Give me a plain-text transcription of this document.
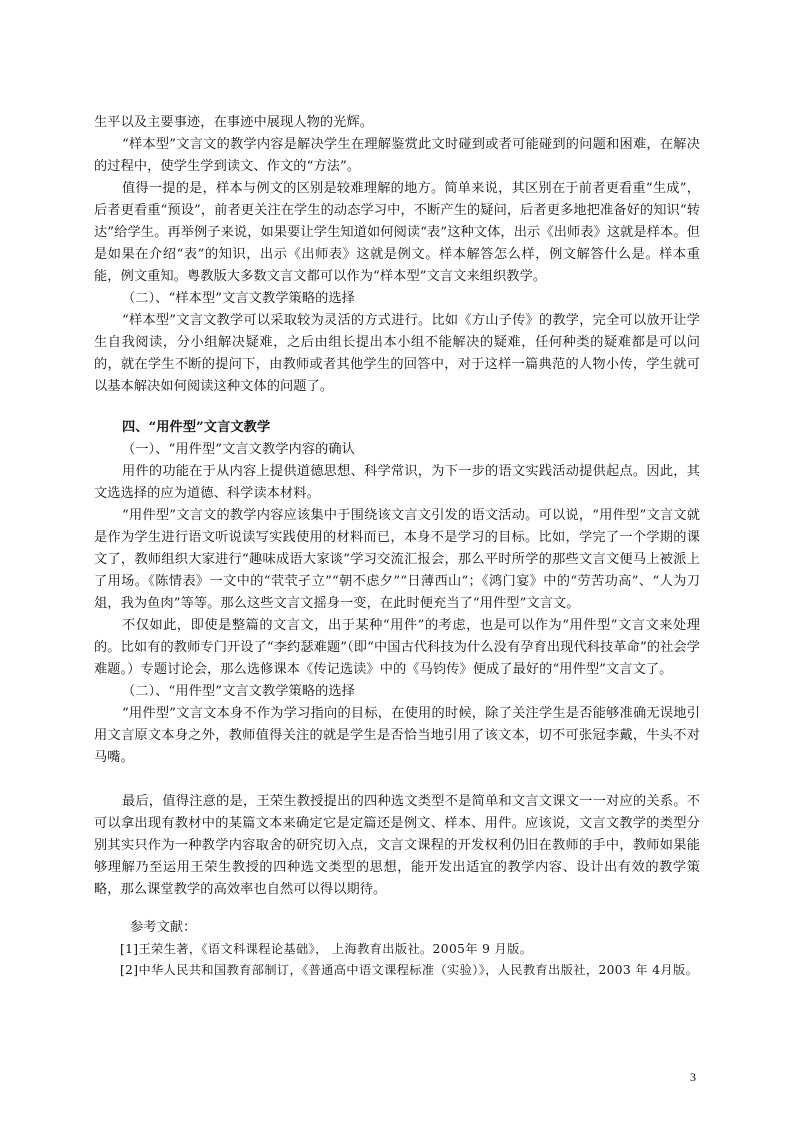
生平以及主要事迹，在事迹中展现人物的光辉。

“样本型”文言文的教学内容是解决学生在理解鉴赏此文时碰到或者可能碰到的问题和困难，在解决的过程中，使学生学到读文、作文的“方法”。

值得一提的是，样本与例文的区别是较难理解的地方。简单来说，其区别在于前者更看重“生成”，后者更看重“预设”，前者更关注在学生的动态学习中，不断产生的疑问，后者更多地把准备好的知识“转达”给学生。再举例子来说，如果要让学生知道如何阅读“表”这种文体，出示《出师表》这就是样本。但是如果在介绍“表”的知识，出示《出师表》这就是例文。样本解答怎么样，例文解答什么是。样本重能，例文重知。粤教版大多数文言文都可以作为“样本型”文言文来组织教学。

（二）、“样本型”文言文教学策略的选择

“样本型”文言文教学可以采取较为灵活的方式进行。比如《方山子传》的教学，完全可以放开让学生自我阅读，分小组解决疑难，之后由组长提出本小组不能解决的疑难，任何种类的疑难都是可以问的，就在学生不断的提问下，由教师或者其他学生的回答中，对于这样一篇典范的人物小传，学生就可以基本解决如何阅读这种文体的问题了。

四、“用件型”文言文教学

（一）、“用件型”文言文教学内容的确认

用件的功能在于从内容上提供道德思想、科学常识，为下一步的语文实践活动提供起点。因此，其文选选择的应为道德、科学读本材料。

“用件型”文言文的教学内容应该集中于围绕该文言文引发的语文活动。可以说，“用件型”文言文就是作为学生进行语文听说读写实践使用的材料而已，本身不是学习的目标。比如，学完了一个学期的课文了，教师组织大家进行“趣味成语大家谈”学习交流汇报会，那么平时所学的那些文言文便马上被派上了用场。《陈情表》一文中的“茕茕孑立”“朝不虑夕”“日薄西山”；《鸿门宴》中的“劳苦功高”、“人为刀俎，我为鱼肉”等等。那么这些文言文摇身一变，在此时便充当了“用件型”文言文。

不仅如此，即使是整篇的文言文，出于某种“用件”的考虑，也是可以作为“用件型”文言文来处理的。比如有的教师专门开设了“李约瑟难题”（即“中国古代科技为什么没有孕育出现代科技革命”的社会学难题。）专题讨论会，那么选修课本《传记选读》中的《马钧传》便成了最好的“用件型”文言文了。

（二）、“用件型”文言文教学策略的选择

“用件型”文言文本身不作为学习指向的目标，在使用的时候，除了关注学生是否能够准确无误地引用文言原文本身之外，教师值得关注的就是学生是否恰当地引用了该文本，切不可张冠李戴，牛头不对马嘴。

最后，值得注意的是，王荣生教授提出的四种选文类型不是简单和文言文课文一一对应的关系。不可以拿出现有教材中的某篇文本来确定它是定篇还是例文、样本、用件。应该说，文言文教学的类型分别其实只作为一种教学内容取舍的研究切入点，文言文课程的开发权利仍旧在教师的手中，教师如果能够理解乃至运用王荣生教授的四种选文类型的思想，能开发出适宜的教学内容、设计出有效的教学策略，那么课堂教学的高效率也自然可以得以期待。

参考文献：

[1]王荣生著，《语文科课程论基础》， 上海教育出版社。2005年 9 月版。

[2]中华人民共和国教育部制订，《普通高中语文课程标准（实验）》，人民教育出版社，2003 年 4月版。

3
